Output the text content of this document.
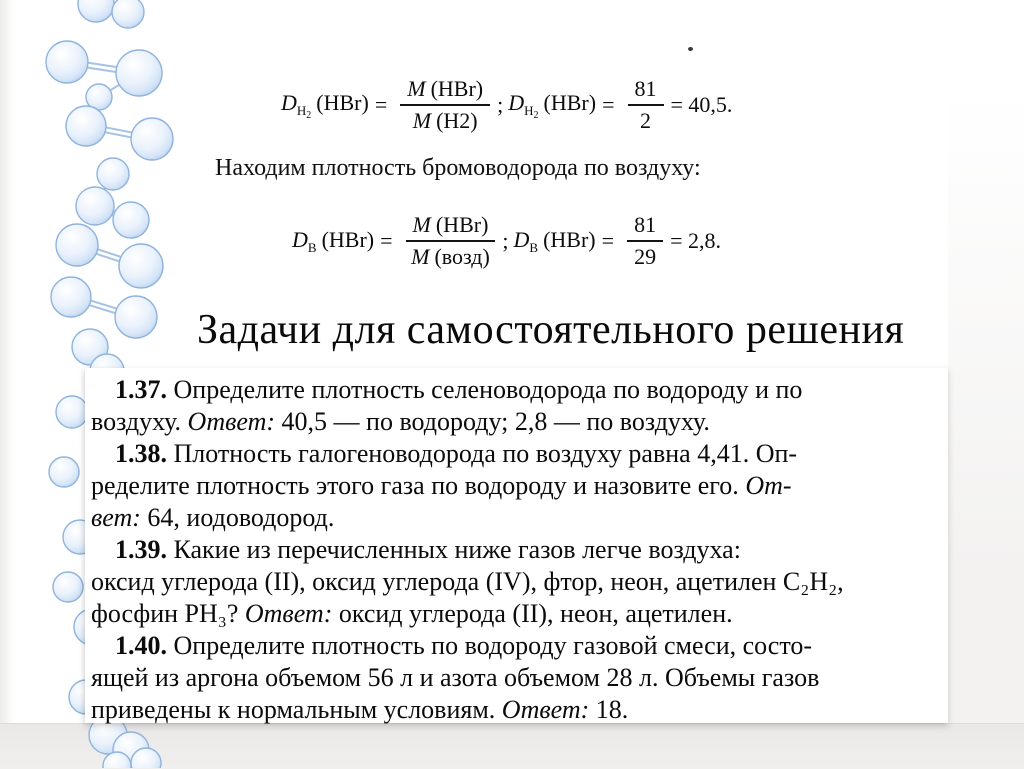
$D_{H_2}(HBr) = \frac{\text{M (HBr)}}{M (H2)}$ ; $D_{H_2}(HBr) = \frac{81}{2} = 40,5$.
Находим плотность бромоводорода по воздуху:
$D_В$ $(HBr) = \frac{\text{M (HBr)}}{\text{M (возд)}}$ ; $D_В$ $(HBr) = \frac{81}{29} = 2,8$.
Задачи для самостоятельного решения
1.37. Определите плотность селеноводорода по водороду и по
воздуху. Ответ: 40,5 — по водороду; 2,8 — по воздуху.
1.38. Плотность галогеноводорода по воздуху равна 4,41. Оп-
ределите плотность этого газа по водороду и назовите его. От-
вет: 64, иодоводород.
1.39. Какие из перечисленных ниже газов легче воздуха:
оксид углерода (II), оксид углерода (IV), фтор, неон, ацетилен C₂H₂,
фосфин PH₃? Ответ: оксид углерода (II), неон, ацетилен.
1.40. Определите плотность по водороду газовой смеси, состо-
ящей из аргона объемом 56 л и азота объемом 28 л. Объемы газов
приведены к нормальным условиям. Ответ: 18.
